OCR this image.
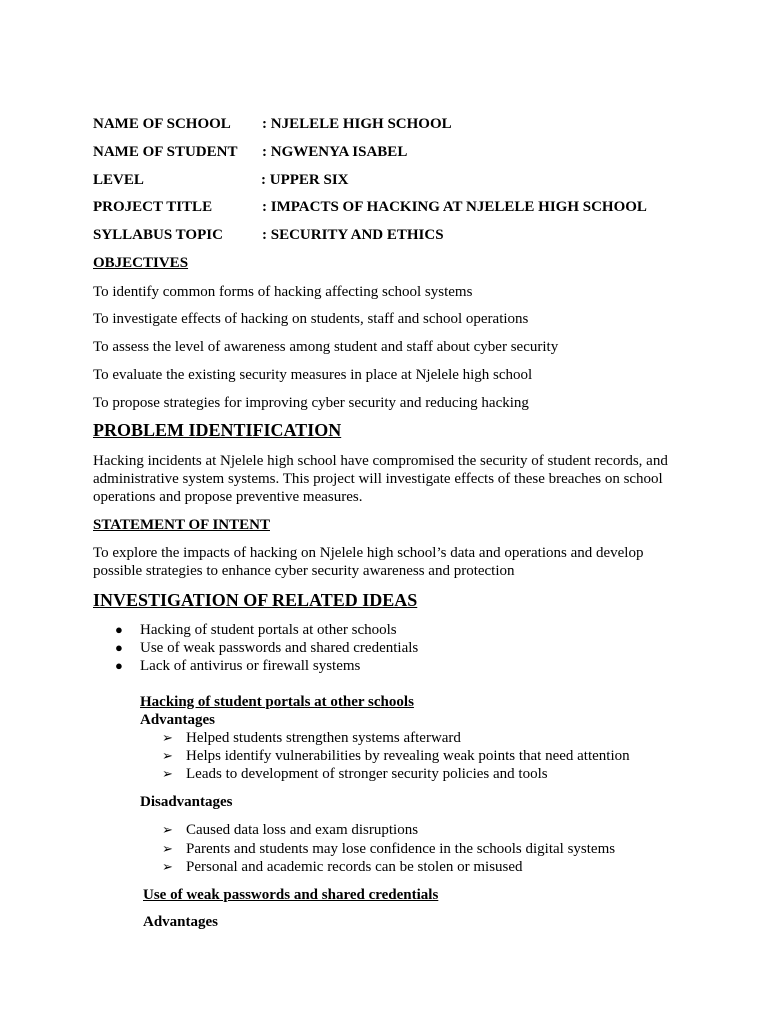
NAME OF SCHOOL : NJELELE HIGH SCHOOL
NAME OF STUDENT : NGWENYA ISABEL
LEVEL	: UPPER SIX
PROJECT TITLE	: IMPACTS OF HACKING AT NJELELE HIGH SCHOOL
SYLLABUS TOPIC	: SECURITY AND ETHICS
OBJECTIVES
To identify common forms of hacking affecting school systems
To investigate effects of hacking on students, staff and school operations
To assess the level of awareness among student and staff about cyber security
To evaluate the existing security measures in place at Njelele high school
To propose strategies for improving cyber security and reducing hacking
PROBLEM IDENTIFICATION
Hacking incidents at Njelele high school have compromised the security of student records, and administrative system systems. This project will investigate effects of these breaches on school operations and propose preventive measures.
STATEMENT OF INTENT
To explore the impacts of hacking on Njelele high school’s data and operations and develop possible strategies to enhance cyber security awareness and protection
INVESTIGATION OF RELATED IDEAS
● Hacking of student portals at other schools
● Use of weak passwords and shared credentials
● Lack of antivirus or firewall systems
Hacking of student portals at other schools
Advantages
➢ Helped students strengthen systems afterward
➢ Helps identify vulnerabilities by revealing weak points that need attention
➢ Leads to development of stronger security policies and tools
Disadvantages
➢ Caused data loss and exam disruptions
➢ Parents and students may lose confidence in the schools digital systems
➢ Personal and academic records can be stolen or misused
Use of weak passwords and shared credentials
Advantages
